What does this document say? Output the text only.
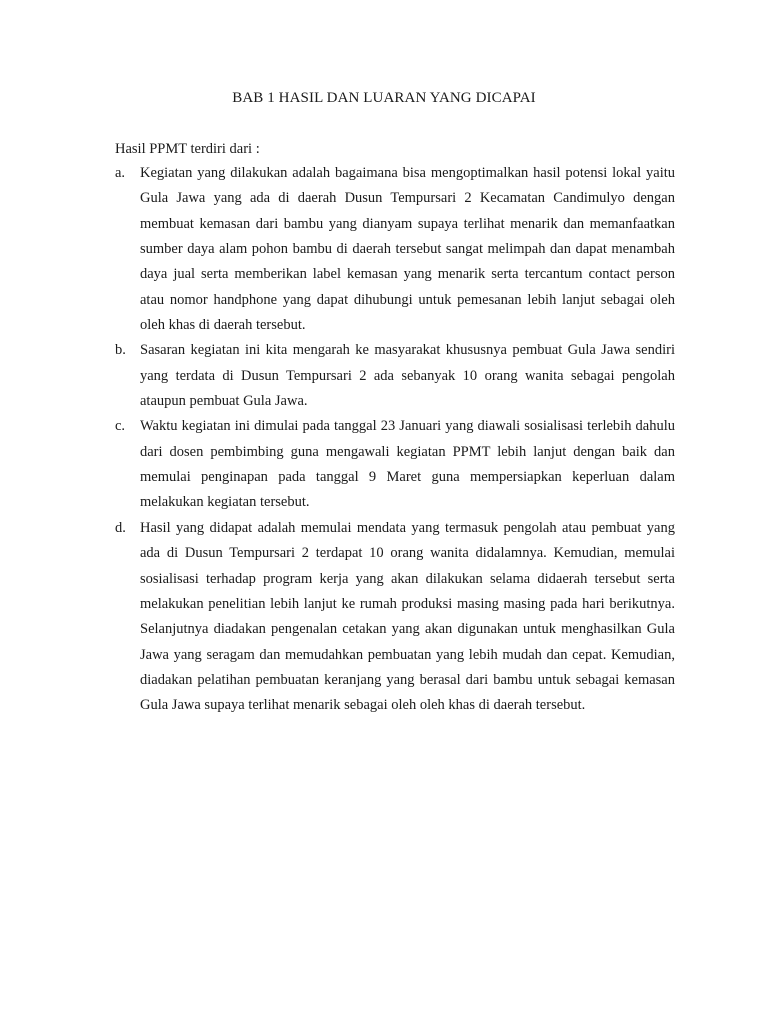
BAB 1 HASIL DAN LUARAN YANG DICAPAI

Hasil PPMT terdiri dari :

a.	Kegiatan yang dilakukan adalah bagaimana bisa mengoptimalkan hasil potensi lokal yaitu Gula Jawa yang ada di daerah Dusun Tempursari 2 Kecamatan Candimulyo dengan membuat kemasan dari bambu yang dianyam supaya terlihat menarik dan memanfaatkan sumber daya alam pohon bambu di daerah tersebut sangat melimpah dan dapat menambah daya jual serta memberikan label kemasan yang menarik serta tercantum contact person atau nomor handphone yang dapat dihubungi untuk pemesanan lebih lanjut sebagai oleh oleh khas di daerah tersebut.
b. Sasaran kegiatan ini kita mengarah ke masyarakat khususnya pembuat Gula Jawa sendiri yang terdata di Dusun Tempursari 2 ada sebanyak 10 orang wanita sebagai pengolah ataupun pembuat Gula Jawa.
c.	Waktu kegiatan ini dimulai pada tanggal 23 Januari yang diawali sosialisasi terlebih dahulu dari dosen pembimbing guna mengawali kegiatan PPMT lebih lanjut dengan baik dan memulai penginapan pada tanggal 9 Maret guna mempersiapkan keperluan dalam melakukan kegiatan tersebut.
d. Hasil yang didapat adalah memulai mendata yang termasuk pengolah atau pembuat yang ada di Dusun Tempursari 2 terdapat 10 orang wanita didalamnya. Kemudian, memulai sosialisasi terhadap program kerja yang akan dilakukan selama didaerah tersebut serta melakukan penelitian lebih lanjut ke rumah produksi masing masing pada hari berikutnya. Selanjutnya diadakan pengenalan cetakan yang akan digunakan untuk menghasilkan Gula Jawa yang seragam dan memudahkan pembuatan yang lebih mudah dan cepat. Kemudian, diadakan pelatihan pembuatan keranjang yang berasal dari bambu untuk sebagai kemasan Gula Jawa supaya terlihat menarik sebagai oleh oleh khas di daerah tersebut.
